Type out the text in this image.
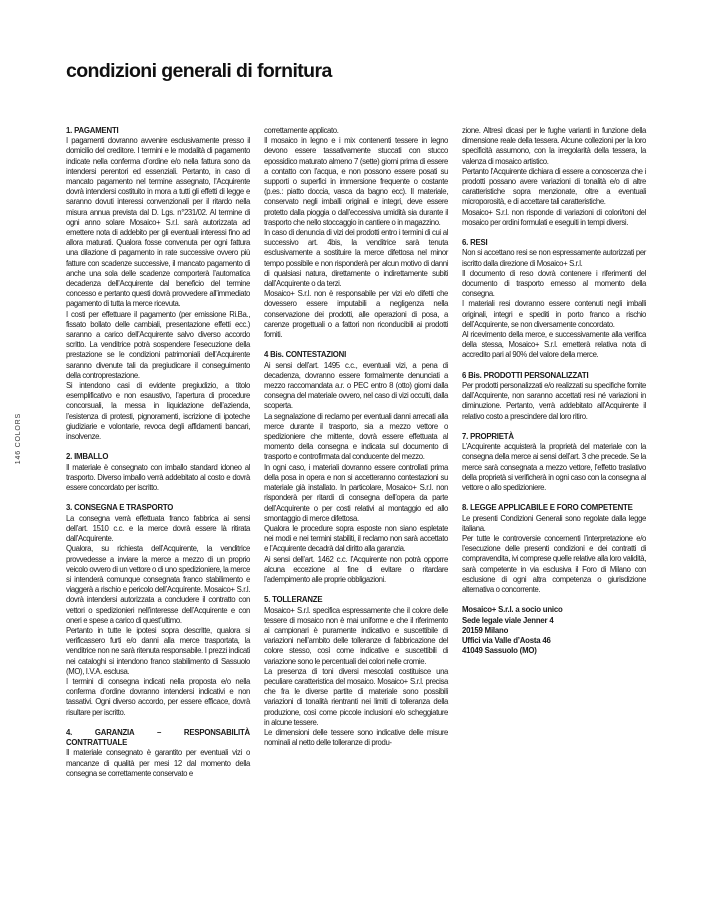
condizioni generali di fornitura
146 COLORS
1. PAGAMENTI

I pagamenti dovranno avvenire esclusivamente presso il domicilio del creditore. I termini e le modalità di pagamento indicate nella conferma d’ordine e/o nella fattura sono da intendersi perentori ed essenziali. Pertanto, in caso di mancato pagamento nel termine assegnato, l’Acquirente dovrà intendersi costituito in mora a tutti gli effetti di legge e saranno dovuti interessi convenzionali per il ritardo nella misura annua prevista dal D. Lgs. n°231/02. Al termine di ogni anno solare Mosaico+ S.r.l. sarà autorizzata ad emettere nota di addebito per gli eventuali interessi fino ad allora maturati. Qualora fosse convenuta per ogni fattura una dilazione di pagamento in rate successive ovvero più fatture con scadenze successive, il mancato pagamento di anche una sola delle scadenze comporterà l’automatica decadenza dell’Acquirente dal beneficio del termine concesso e pertanto questi dovrà provvedere all’immediato pagamento di tutta la merce ricevuta.

I costi per effettuare il pagamento (per emissione Ri.Ba., fissato bollato delle cambiali, presentazione effetti ecc.) saranno a carico dell’Acquirente salvo diverso accordo scritto. La venditrice potrà sospendere l’esecuzione della prestazione se le condizioni patrimoniali dell’Acquirente saranno divenute tali da pregiudicare il conseguimento della controprestazione.

Si intendono casi di evidente pregiudizio, a titolo esemplificativo e non esaustivo, l’apertura di procedure concorsuali, la messa in liquidazione dell’azienda, l’esistenza di protesti, pignoramenti, iscrizione di ipoteche giudiziarie e volontarie, revoca degli affidamenti bancari, insolvenze.

2. IMBALLO

Il materiale è consegnato con imballo standard idoneo al trasporto. Diverso imballo verrà addebitato al costo e dovrà essere concordato per iscritto.

3. CONSEGNA E TRASPORTO

La consegna verrà effettuata franco fabbrica ai sensi dell’art. 1510 c.c. e la merce dovrà essere là ritirata dall’Acquirente.

Qualora, su richiesta dell’Acquirente, la venditrice provvedesse a inviare la merce a mezzo di un proprio veicolo ovvero di un vettore o di uno spedizioniere, la merce si intenderà comunque consegnata franco stabilimento e viaggerà a rischio e pericolo dell’Acquirente. Mosaico+ S.r.l. dovrà intendersi autorizzata a concludere il contratto con vettori o spedizionieri nell’interesse dell’Acquirente e con oneri e spese a carico di quest’ultimo.

Pertanto in tutte le ipotesi sopra descritte, qualora si verificassero furti e/o danni alla merce trasportata, la venditrice non ne sarà ritenuta responsabile. I prezzi indicati nei cataloghi si intendono franco stabilimento di Sassuolo (MO), I.V.A. esclusa.

I termini di consegna indicati nella proposta e/o nella conferma d’ordine dovranno intendersi indicativi e non tassativi. Ogni diverso accordo, per essere efficace, dovrà risultare per iscritto.

4. GARANZIA – RESPONSABILITÀ CONTRATTUALE

Il materiale consegnato è garantito per eventuali vizi o mancanze di qualità per mesi 12 dal momento della consegna se correttamente conservato e

correttamente applicato.

Il mosaico in legno e i mix contenenti tessere in legno devono essere tassativamente stuccati con stucco epossidico maturato almeno 7 (sette) giorni prima di essere a contatto con l’acqua, e non possono essere posati su supporti o superfici in immersione frequente o costante (p.es.: piatto doccia, vasca da bagno ecc). Il materiale, conservato negli imballi originali e integri, deve essere protetto dalla pioggia o dall’eccessiva umidità sia durante il trasporto che nello stoccaggio in cantiere o in magazzino.

In caso di denuncia di vizi dei prodotti entro i termini di cui al successivo art. 4bis, la venditrice sarà tenuta esclusivamente a sostituire la merce difettosa nel minor tempo possibile e non risponderà per alcun motivo di danni di qualsiasi natura, direttamente o indirettamente subiti dall’Acquirente o da terzi.

Mosaico+ S.r.l. non è responsabile per vizi e/o difetti che dovessero essere imputabili a negligenza nella conservazione dei prodotti, alle operazioni di posa, a carenze progettuali o a fattori non riconducibili ai prodotti forniti.

4 Bis. CONTESTAZIONI

Ai sensi dell’art. 1495 c.c., eventuali vizi, a pena di decadenza, dovranno essere formalmente denunciati a mezzo raccomandata a.r. o PEC entro 8 (otto) giorni dalla consegna del materiale ovvero, nel caso di vizi occulti, dalla scoperta.

La segnalazione di reclamo per eventuali danni arrecati alla merce durante il trasporto, sia a mezzo vettore o spedizioniere che mittente, dovrà essere effettuata al momento della consegna e indicata sul documento di trasporto e controfirmata dal conducente del mezzo.

In ogni caso, i materiali dovranno essere controllati prima della posa in opera e non si accetteranno contestazioni su materiale già installato. In particolare, Mosaico+ S.r.l. non risponderà per ritardi di consegna dell’opera da parte dell’Acquirente o per costi relativi al montaggio ed allo smontaggio di merce difettosa.

Qualora le procedure sopra esposte non siano espletate nei modi e nei termini stabiliti, il reclamo non sarà accettato e l’Acquirente decadrà dal diritto alla garanzia.

Ai sensi dell’art. 1462 c.c. l’Acquirente non potrà opporre alcuna eccezione al fine di evitare o ritardare l’adempimento alle proprie obbligazioni.

5. TOLLERANZE

Mosaico+ S.r.l. specifica espressamente che il colore delle tessere di mosaico non è mai uniforme e che il riferimento ai campionari è puramente indicativo e suscettibile di variazioni nell’ambito delle tolleranze di fabbricazione del colore stesso, così come indicative e suscettibili di variazione sono le percentuali dei colori nelle cromie.

La presenza di toni diversi mescolati costituisce una peculiare caratteristica del mosaico. Mosaico+ S.r.l. precisa che fra le diverse partite di materiale sono possibili variazioni di tonalità rientranti nei limiti di tolleranza della produzione, così come piccole inclusioni e/o scheggiature in alcune tessere.

Le dimensioni delle tessere sono indicative delle misure nominali al netto delle tolleranze di produ-

zione. Altresì dicasi per le fughe varianti in funzione della dimensione reale della tessera. Alcune collezioni per la loro specificità assumono, con la irregolarità della tessera, la valenza di mosaico artistico.

Pertanto l’Acquirente dichiara di essere a conoscenza che i prodotti possano avere variazioni di tonalità e/o di altre caratteristiche sopra menzionate, oltre a eventuali microporosità, e di accettare tali caratteristiche.

Mosaico+ S.r.l. non risponde di variazioni di colori/toni del mosaico per ordini formulati e eseguiti in tempi diversi.

6. RESI

Non si accettano resi se non espressamente autorizzati per iscritto dalla direzione di Mosaico+ S.r.l.

Il documento di reso dovrà contenere i riferimenti del documento di trasporto emesso al momento della consegna.

I materiali resi dovranno essere contenuti negli imballi originali, integri e spediti in porto franco a rischio dell’Acquirente, se non diversamente concordato.

Al ricevimento della merce, e successivamente alla verifica della stessa, Mosaico+ S.r.l. emetterà relativa nota di accredito pari al 90% del valore della merce.

6 Bis. PRODOTTI PERSONALIZZATI

Per prodotti personalizzati e/o realizzati su specifiche fornite dall’Acquirente, non saranno accettati resi né variazioni in diminuzione. Pertanto, verrà addebitato all’Acquirente il relativo costo a prescindere dal loro ritiro.

7. PROPRIETÀ

L’Acquirente acquisterà la proprietà del materiale con la consegna della merce ai sensi dell’art. 3 che precede. Se la merce sarà consegnata a mezzo vettore, l’effetto traslativo della proprietà si verificherà in ogni caso con la consegna al vettore o allo spedizioniere.

8. LEGGE APPLICABILE E FORO COMPETENTE

Le presenti Condizioni Generali sono regolate dalla legge italiana.

Per tutte le controversie concernenti l’interpretazione e/o l’esecuzione delle presenti condizioni e dei contratti di compravendita, ivi comprese quelle relative alla loro validità, sarà competente in via esclusiva il Foro di Milano con esclusione di ogni altra competenza o giurisdizione alternativa o concorrente.

Mosaico+ S.r.l. a socio unico

Sede legale viale Jenner 4

20159 Milano

Uffici via Valle d’Aosta 46

41049 Sassuolo (MO)
